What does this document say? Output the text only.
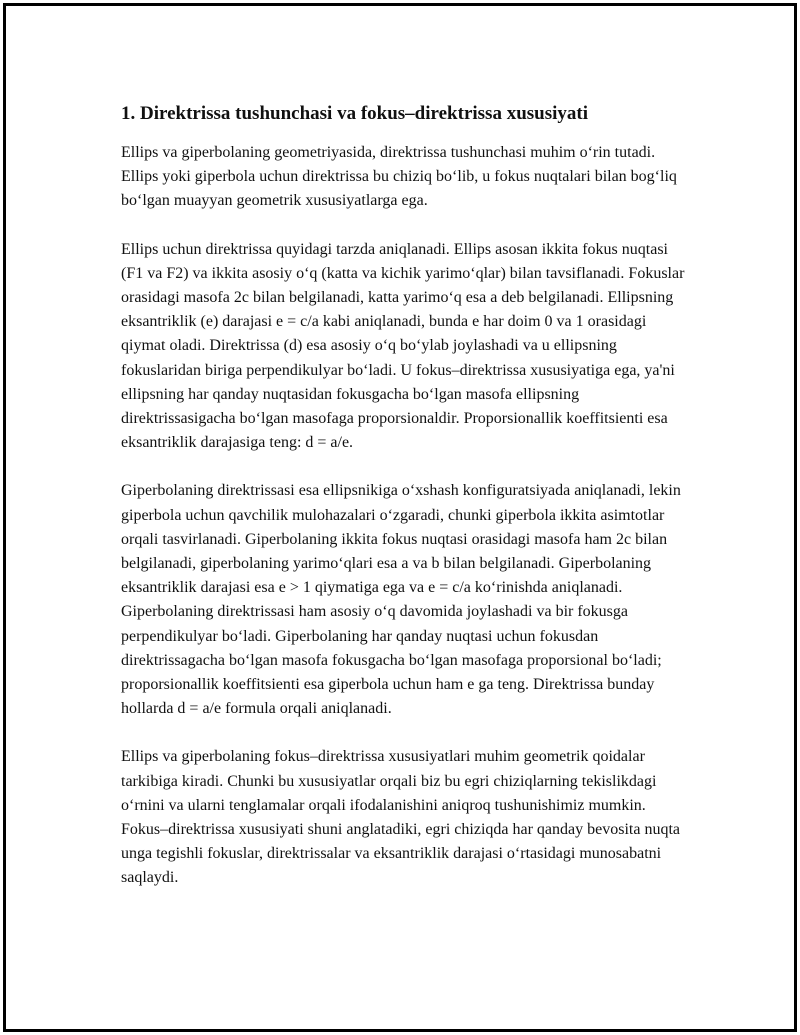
1. Direktrissa tushunchasi va fokus–direktrissa xususiyati

Ellips va giperbolaning geometriyasida, direktrissa tushunchasi muhim o‘rin tutadi. Ellips yoki giperbola uchun direktrissa bu chiziq bo‘lib, u fokus nuqtalari bilan bog‘liq bo‘lgan muayyan geometrik xususiyatlarga ega.

Ellips uchun direktrissa quyidagi tarzda aniqlanadi. Ellips asosan ikkita fokus nuqtasi (F1 va F2) va ikkita asosiy o‘q (katta va kichik yarimo‘qlar) bilan tavsiflanadi. Fokuslar orasidagi masofa 2c bilan belgilanadi, katta yarimo‘q esa a deb belgilanadi. Ellipsning eksantriklik (e) darajasi e = c/a kabi aniqlanadi, bunda e har doim 0 va 1 orasidagi qiymat oladi. Direktrissa (d) esa asosiy o‘q bo‘ylab joylashadi va u ellipsning fokuslaridan biriga perpendikulyar bo‘ladi. U fokus–direktrissa xususiyatiga ega, ya'ni ellipsning har qanday nuqtasidan fokusgacha bo‘lgan masofa ellipsning direktrissasigacha bo‘lgan masofaga proporsionaldir. Proporsionallik koeffitsienti esa eksantriklik darajasiga teng: d = a/e.

Giperbolaning direktrissasi esa ellipsnikiga o‘xshash konfiguratsiyada aniqlanadi, lekin giperbola uchun qavchilik mulohazalari o‘zgaradi, chunki giperbola ikkita asimtotlar orqali tasvirlanadi. Giperbolaning ikkita fokus nuqtasi orasidagi masofa ham 2c bilan belgilanadi, giperbolaning yarimo‘qlari esa a va b bilan belgilanadi. Giperbolaning eksantriklik darajasi esa e > 1 qiymatiga ega va e = c/a ko‘rinishda aniqlanadi. Giperbolaning direktrissasi ham asosiy o‘q davomida joylashadi va bir fokusga perpendikulyar bo‘ladi. Giperbolaning har qanday nuqtasi uchun fokusdan direktrissagacha bo‘lgan masofa fokusgacha bo‘lgan masofaga proporsional bo‘ladi; proporsionallik koeffitsienti esa giperbola uchun ham e ga teng. Direktrissa bunday hollarda d = a/e formula orqali aniqlanadi.

Ellips va giperbolaning fokus–direktrissa xususiyatlari muhim geometrik qoidalar tarkibiga kiradi. Chunki bu xususiyatlar orqali biz bu egri chiziqlarning tekislikdagi o‘rnini va ularni tenglamalar orqali ifodalanishini aniqroq tushunishimiz mumkin. Fokus–direktrissa xususiyati shuni anglatadiki, egri chiziqda har qanday bevosita nuqta unga tegishli fokuslar, direktrissalar va eksantriklik darajasi o‘rtasidagi munosabatni saqlaydi.
